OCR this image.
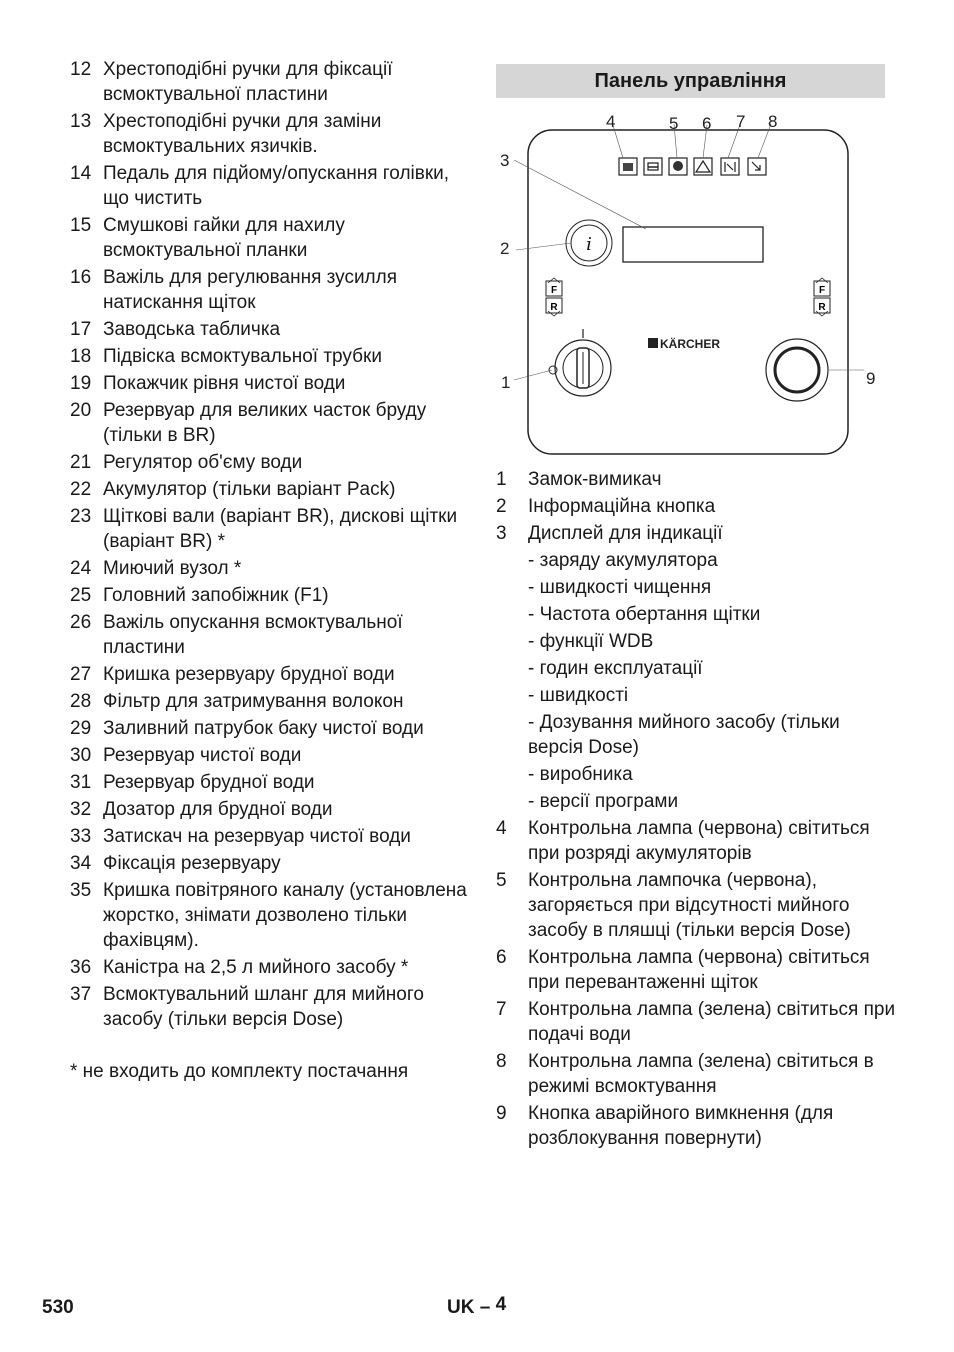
12 Хрестоподібні ручки для фіксації всмоктувальної пластини
13 Хрестоподібні ручки для заміни всмоктувальних язичків.
14 Педаль для підйому/опускання голівки, що чистить
15 Смушкові гайки для нахилу всмоктувальної планки
16 Важіль для регулювання зусилля натискання щіток
17 Заводська табличка
18 Підвіска всмоктувальної трубки
19 Покажчик рівня чистої води
20 Резервуар для великих часток бруду (тільки в BR)
21 Регулятор об'єму води
22 Акумулятор (тільки варіант Pack)
23 Щіткові вали (варіант BR), дискові щітки (варіант BR) *
24 Миючий вузол *
25 Головний запобіжник (F1)
26 Важіль опускання всмоктувальної пластини
27 Кришка резервуару брудної води
28 Фільтр для затримування волокон
29 Заливний патрубок баку чистої води
30 Резервуар чистої води
31 Резервуар брудної води
32 Дозатор для брудної води
33 Затискач на резервуар чистої води
34 Фіксація резервуару
35 Кришка повітряного каналу (установлена жорстко, знімати дозволено тільки фахівцям).
36 Каністра на 2,5 л мийного засобу *
37 Всмоктувальний шланг для мийного засобу (тільки версія Dose)
* не входить до комплекту постачання
Панель управління
i
F
R
F
R
KÄRCHER
4	5 6 7 8
3
2
1	9
1	Замок-вимикач
2	Інформаційна кнопка
3	Дисплей для індикації
- заряду акумулятора
- швидкості чищення
- Частота обертання щітки
- функції WDB
- годин експлуатації
- швидкості
- Дозування мийного засобу (тільки версія Dose)
- виробника
- версії програми
4	Контрольна лампа (червона) світиться при розряді акумуляторів
5	Контрольна лампочка (червона), загоряється при відсутності мийного засобу в пляшці (тільки версія Dose)
6	Контрольна лампа (червона) світиться при перевантаженні щіток
7	Контрольна лампа (зелена) світиться при подачі води
8	Контрольна лампа (зелена) світиться в режимі всмоктування
9	Кнопка аварійного вимкнення (для розблокування повернути)
530	UK – 4
